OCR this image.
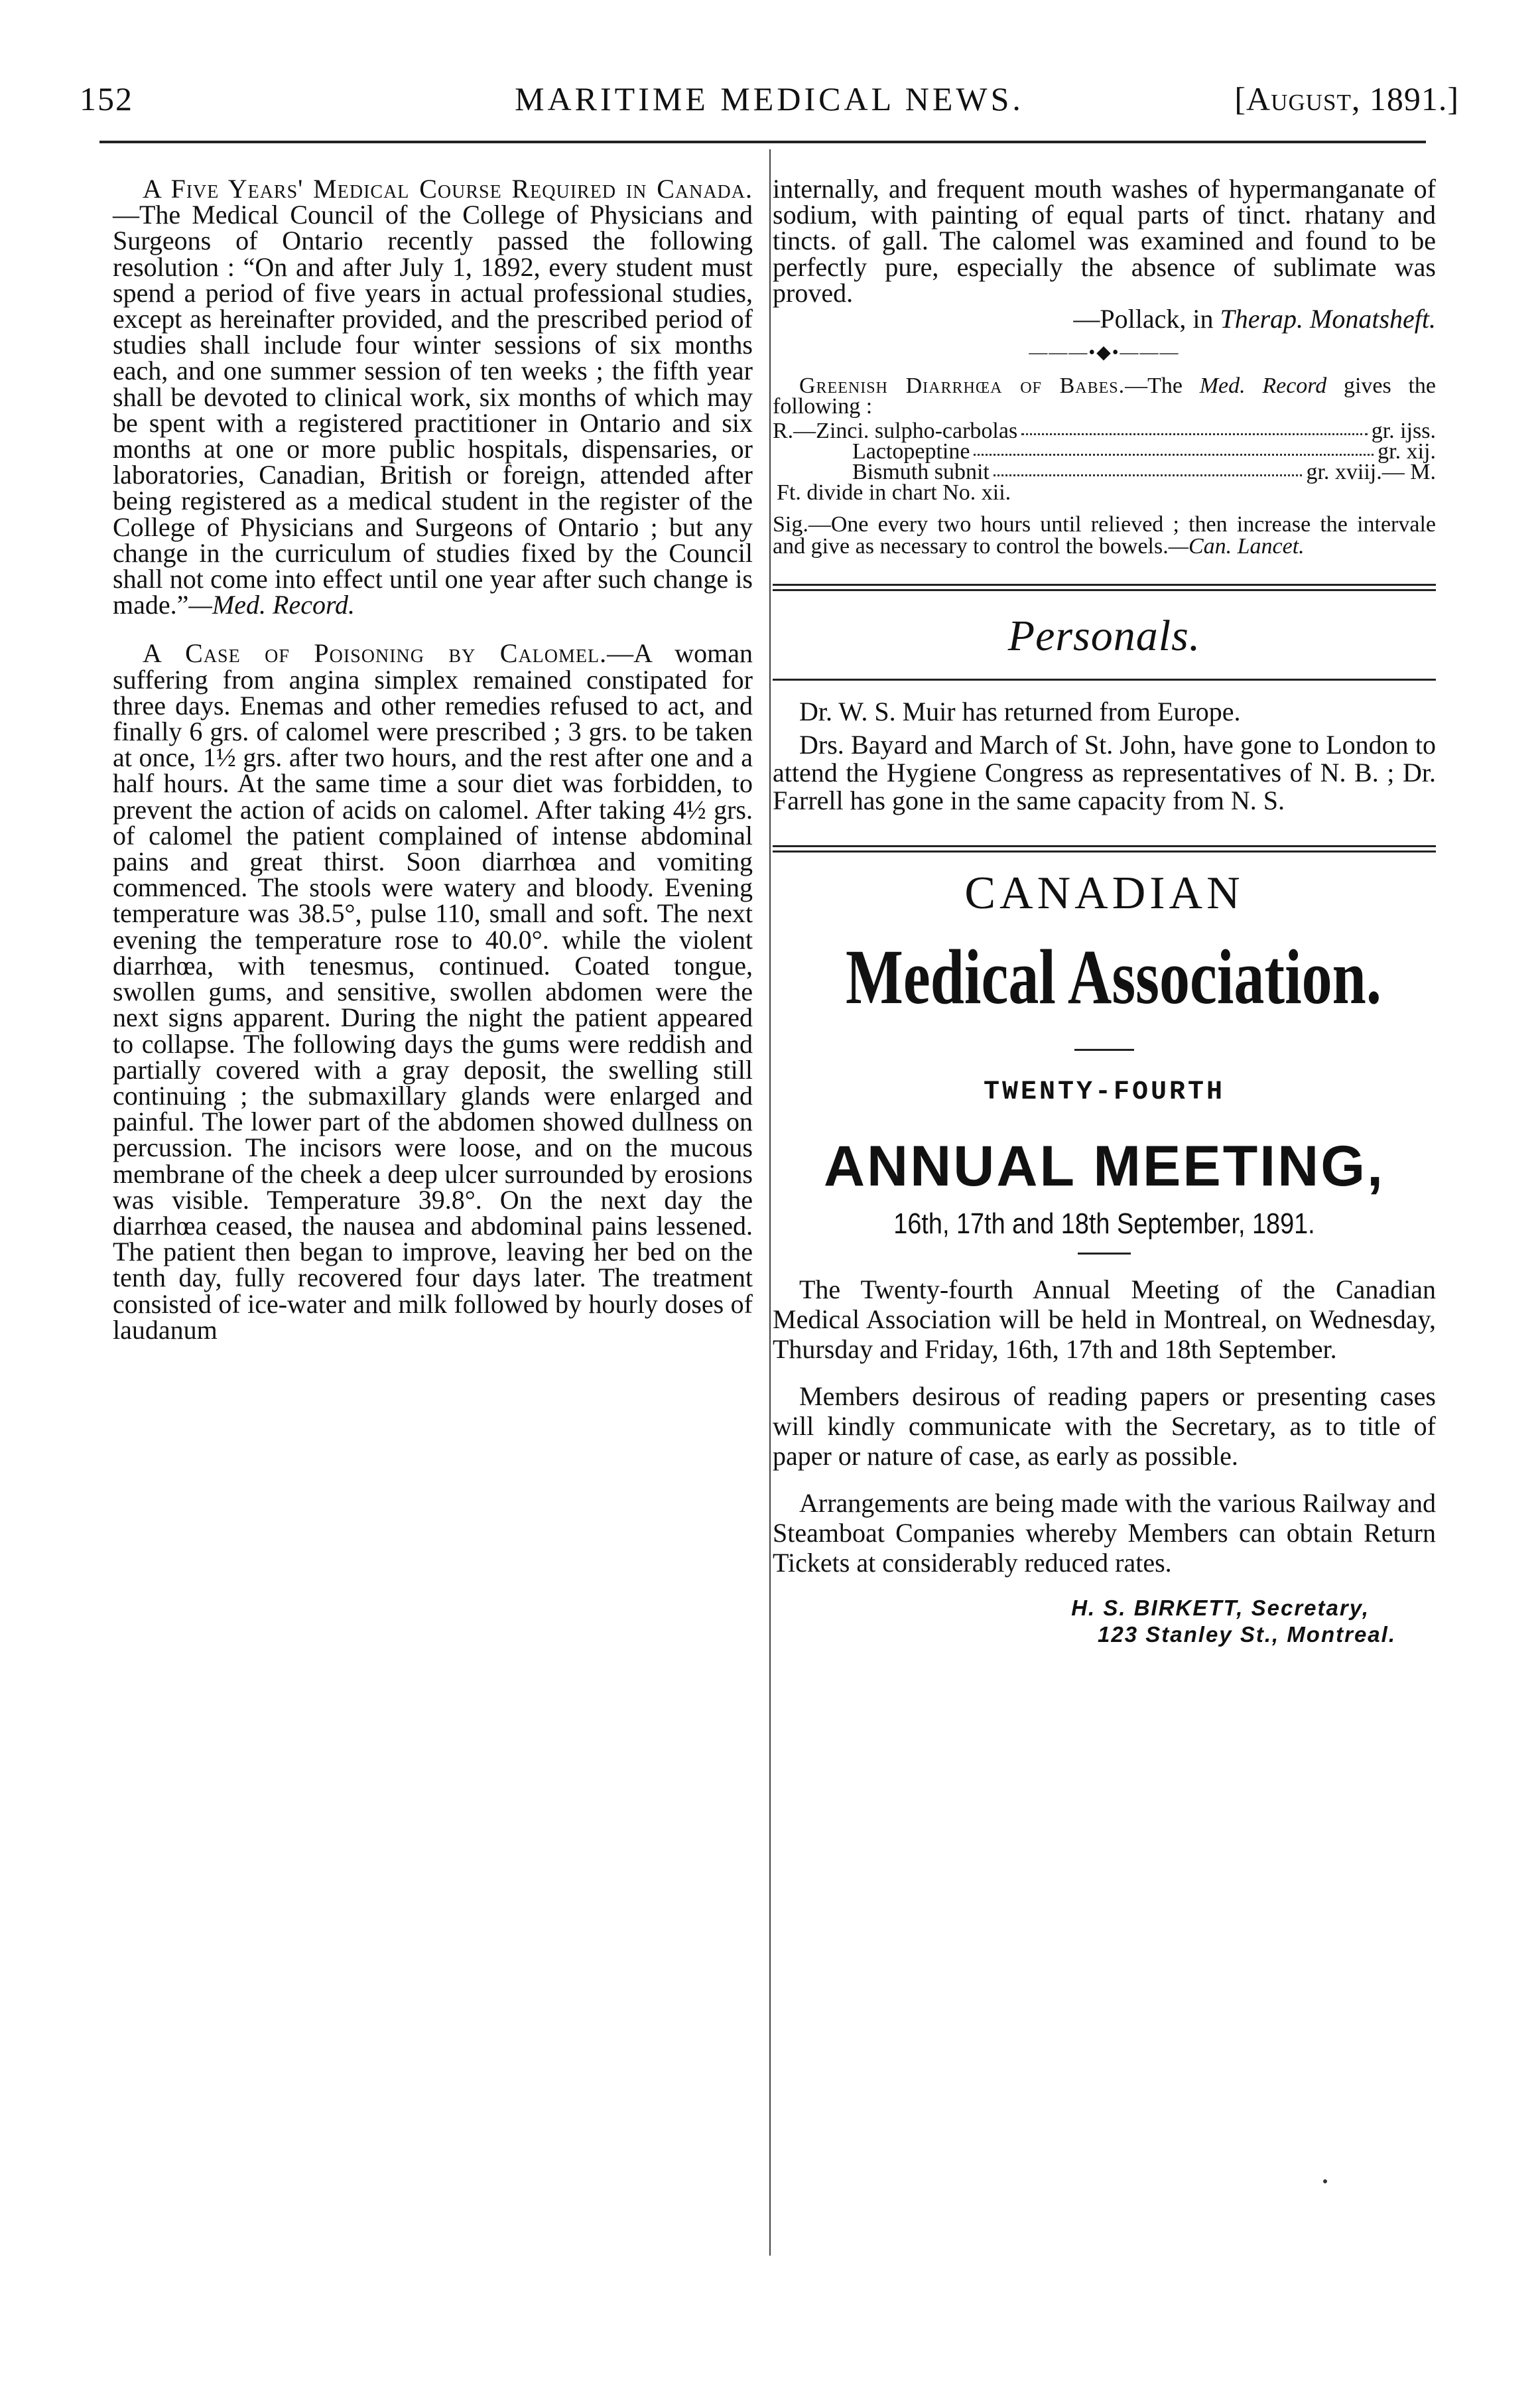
152	MARITIME MEDICAL NEWS.	[August, 1891.]

A Five Years' Medical Course Required in Canada.—The Medical Council of the College of Physicians and Surgeons of Ontario recently passed the following resolution : “On and after July 1, 1892, every student must spend a period of five years in actual professional studies, except as hereinafter provided, and the prescribed period of studies shall include four winter sessions of six months each, and one summer session of ten weeks ; the fifth year shall be devoted to clinical work, six months of which may be spent with a registered practitioner in Ontario and six months at one or more public hospitals, dispensaries, or laboratories, Canadian, British or foreign, attended after being registered as a medical student in the register of the College of Physicians and Surgeons of Ontario ; but any change in the curriculum of studies fixed by the Council shall not come into effect until one year after such change is made.”—Med. Record.

A Case of Poisoning by Calomel.—A woman suffering from angina simplex remained constipated for three days. Enemas and other remedies refused to act, and finally 6 grs. of calomel were prescribed ; 3 grs. to be taken at once, 1½ grs. after two hours, and the rest after one and a half hours. At the same time a sour diet was forbidden, to prevent the action of acids on calomel. After taking 4½ grs. of calomel the patient complained of intense abdominal pains and great thirst. Soon diarrhœa and vomiting commenced. The stools were watery and bloody. Evening temperature was 38.5°, pulse 110, small and soft. The next evening the temperature rose to 40.0°. while the violent diarrhœa, with tenesmus, continued. Coated tongue, swollen gums, and sensitive, swollen abdomen were the next signs apparent. During the night the patient appeared to collapse. The following days the gums were reddish and partially covered with a gray deposit, the swelling still continuing ; the submaxillary glands were enlarged and painful. The lower part of the abdomen showed dullness on percussion. The incisors were loose, and on the mucous membrane of the cheek a deep ulcer surrounded by erosions was visible. Temperature 39.8°. On the next day the diarrhœa ceased, the nausea and abdominal pains lessened. The patient then began to improve, leaving her bed on the tenth day, fully recovered four days later. The treatment consisted of ice-water and milk followed by hourly doses of laudanum

internally, and frequent mouth washes of hypermanganate of sodium, with painting of equal parts of tinct. rhatany and tincts. of gall. The calomel was examined and found to be perfectly pure, especially the absence of sublimate was proved.

—Pollack, in Therap. Monatsheft.
———•◆•———
Greenish Diarrhœa of Babes.—The Med. Record gives the following :
R.—Zinci. sulpho-carbolas	gr. ijss.
Lactopeptine	gr. xij.
Bismuth subnit	gr. xviij.— M.
Ft. divide in chart No. xii.
Sig.—One every two hours until relieved ; then increase the intervale and give as necessary to control the bowels.—Can. Lancet.
Personals.

Dr. W. S. Muir has returned from Europe.

Drs. Bayard and March of St. John, have gone to London to attend the Hygiene Congress as representatives of N. B. ; Dr. Farrell has gone in the same capacity from N. S.

CANADIAN
Medical Association.
TWENTY-FOURTH
ANNUAL MEETING,
16th, 17th and 18th September, 1891.

The Twenty-fourth Annual Meeting of the Canadian Medical Association will be held in Montreal, on Wednesday, Thursday and Friday, 16th, 17th and 18th September.

Members desirous of reading papers or presenting cases will kindly communicate with the Secretary, as to title of paper or nature of case, as early as possible.

Arrangements are being made with the various Railway and Steamboat Companies whereby Members can obtain Return Tickets at considerably reduced rates.

H. S. BIRKETT, Secretary,
123 Stanley St., Montreal.
